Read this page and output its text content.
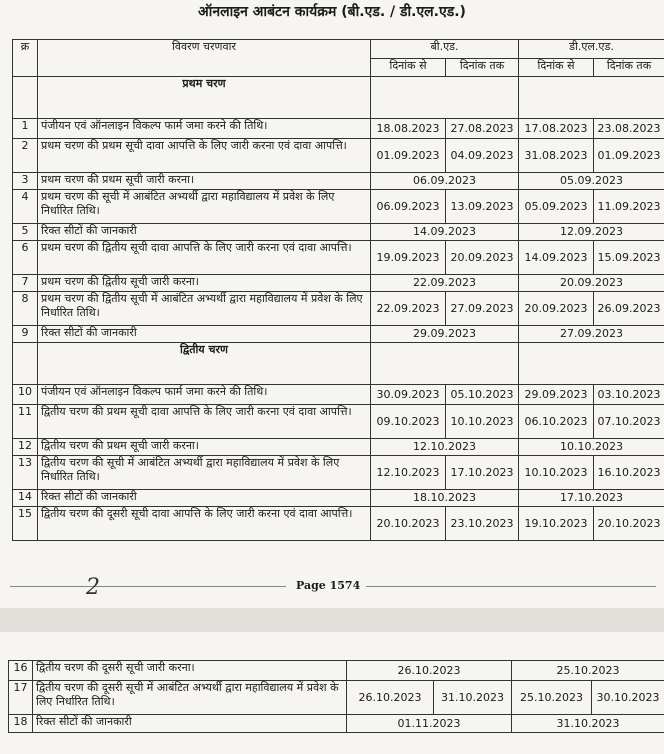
ऑनलाइन आबंटन कार्यक्रम (बी.एड. / डी.एल.एड.)
क्र	विवरण चरणवार	बी.एड.		डी.एल.एड.	
		दिनांक से	दिनांक तक	दिनांक से	दिनांक तक
	प्रथम चरण				
1	पंजीयन एवं ऑनलाइन विकल्प फार्म जमा करने की तिथि।	18.08.2023	27.08.2023	17.08.2023	23.08.2023
2	प्रथम चरण की प्रथम सूची दावा आपत्ति के लिए जारी करना एवं दावा आपत्ति।	01.09.2023	04.09.2023	31.08.2023	01.09.2023
3	प्रथम चरण की प्रथम सूची जारी करना।	06.09.2023		05.09.2023	
4	प्रथम चरण की सूची में आबंटित अभ्यर्थी द्वारा महाविद्यालय में प्रवेश के लिए निर्धारित तिथि।	06.09.2023	13.09.2023	05.09.2023	11.09.2023
5	रिक्त सीटों की जानकारी	14.09.2023		12.09.2023	
6	प्रथम चरण की द्वितीय सूची दावा आपत्ति के लिए जारी करना एवं दावा आपत्ति।	19.09.2023	20.09.2023	14.09.2023	15.09.2023
7	प्रथम चरण की द्वितीय सूची जारी करना।	22.09.2023		20.09.2023	
8	प्रथम चरण की द्वितीय सूची में आबंटित अभ्यर्थी द्वारा महाविद्यालय में प्रवेश के लिए निर्धारित तिथि।	22.09.2023	27.09.2023	20.09.2023	26.09.2023
9	रिक्त सीटों की जानकारी	29.09.2023		27.09.2023	
	द्वितीय चरण				
10	पंजीयन एवं ऑनलाइन विकल्प फार्म जमा करने की तिथि।	30.09.2023	05.10.2023	29.09.2023	03.10.2023
11	द्वितीय चरण की प्रथम सूची दावा आपत्ति के लिए जारी करना एवं दावा आपत्ति।	09.10.2023	10.10.2023	06.10.2023	07.10.2023
12	द्वितीय चरण की प्रथम सूची जारी करना।	12.10.2023		10.10.2023	
13	द्वितीय चरण की सूची में आबंटित अभ्यर्थी द्वारा महाविद्यालय में प्रवेश के लिए निर्धारित तिथि।	12.10.2023	17.10.2023	10.10.2023	16.10.2023
14	रिक्त सीटों की जानकारी	18.10.2023		17.10.2023	
15	द्वितीय चरण की दूसरी सूची दावा आपत्ति के लिए जारी करना एवं दावा आपत्ति।	20.10.2023	23.10.2023	19.10.2023	20.10.2023
2	Page 1574
16	द्वितीय चरण की दूसरी सूची जारी करना।	26.10.2023		25.10.2023	
17	द्वितीय चरण की दूसरी सूची में आबंटित अभ्यर्थी द्वारा महाविद्यालय में प्रवेश के लिए निर्धारित तिथि।	26.10.2023	31.10.2023	25.10.2023	30.10.2023
18	रिक्त सीटों की जानकारी	01.11.2023		31.10.2023	
